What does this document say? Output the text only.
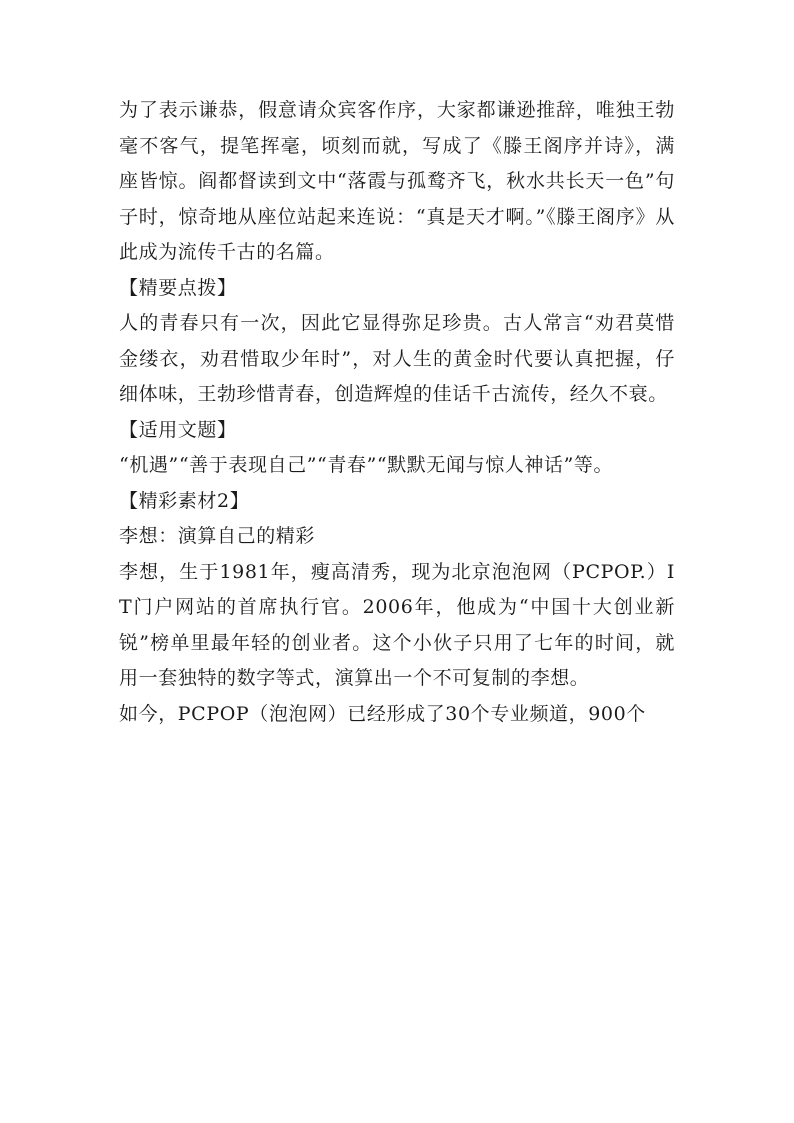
为了表示谦恭，假意请众宾客作序，大家都谦逊推辞，唯独王勃毫不客气，提笔挥毫，顷刻而就，写成了《滕王阁序并诗》，满座皆惊。阎都督读到文中“落霞与孤鹜齐飞，秋水共长天一色”句子时，惊奇地从座位站起来连说：“真是天才啊。”《滕王阁序》从此成为流传千古的名篇。

【精要点拨】

人的青春只有一次，因此它显得弥足珍贵。古人常言“劝君莫惜金缕衣，劝君惜取少年时”，对人生的黄金时代要认真把握，仔细体味，王勃珍惜青春，创造辉煌的佳话千古流传，经久不衰。

【适用文题】

“机遇”“善于表现自己”“青春”“默默无闻与惊人神话”等。

【精彩素材2】

李想：演算自己的精彩

李想，生于1981年，瘦高清秀，现为北京泡泡网（PCPOP.）IT门户网站的首席执行官。2006年，他成为“中国十大创业新锐”榜单里最年轻的创业者。这个小伙子只用了七年的时间，就用一套独特的数字等式，演算出一个不可复制的李想。

如今，PCPOP（泡泡网）已经形成了30个专业频道，900个
